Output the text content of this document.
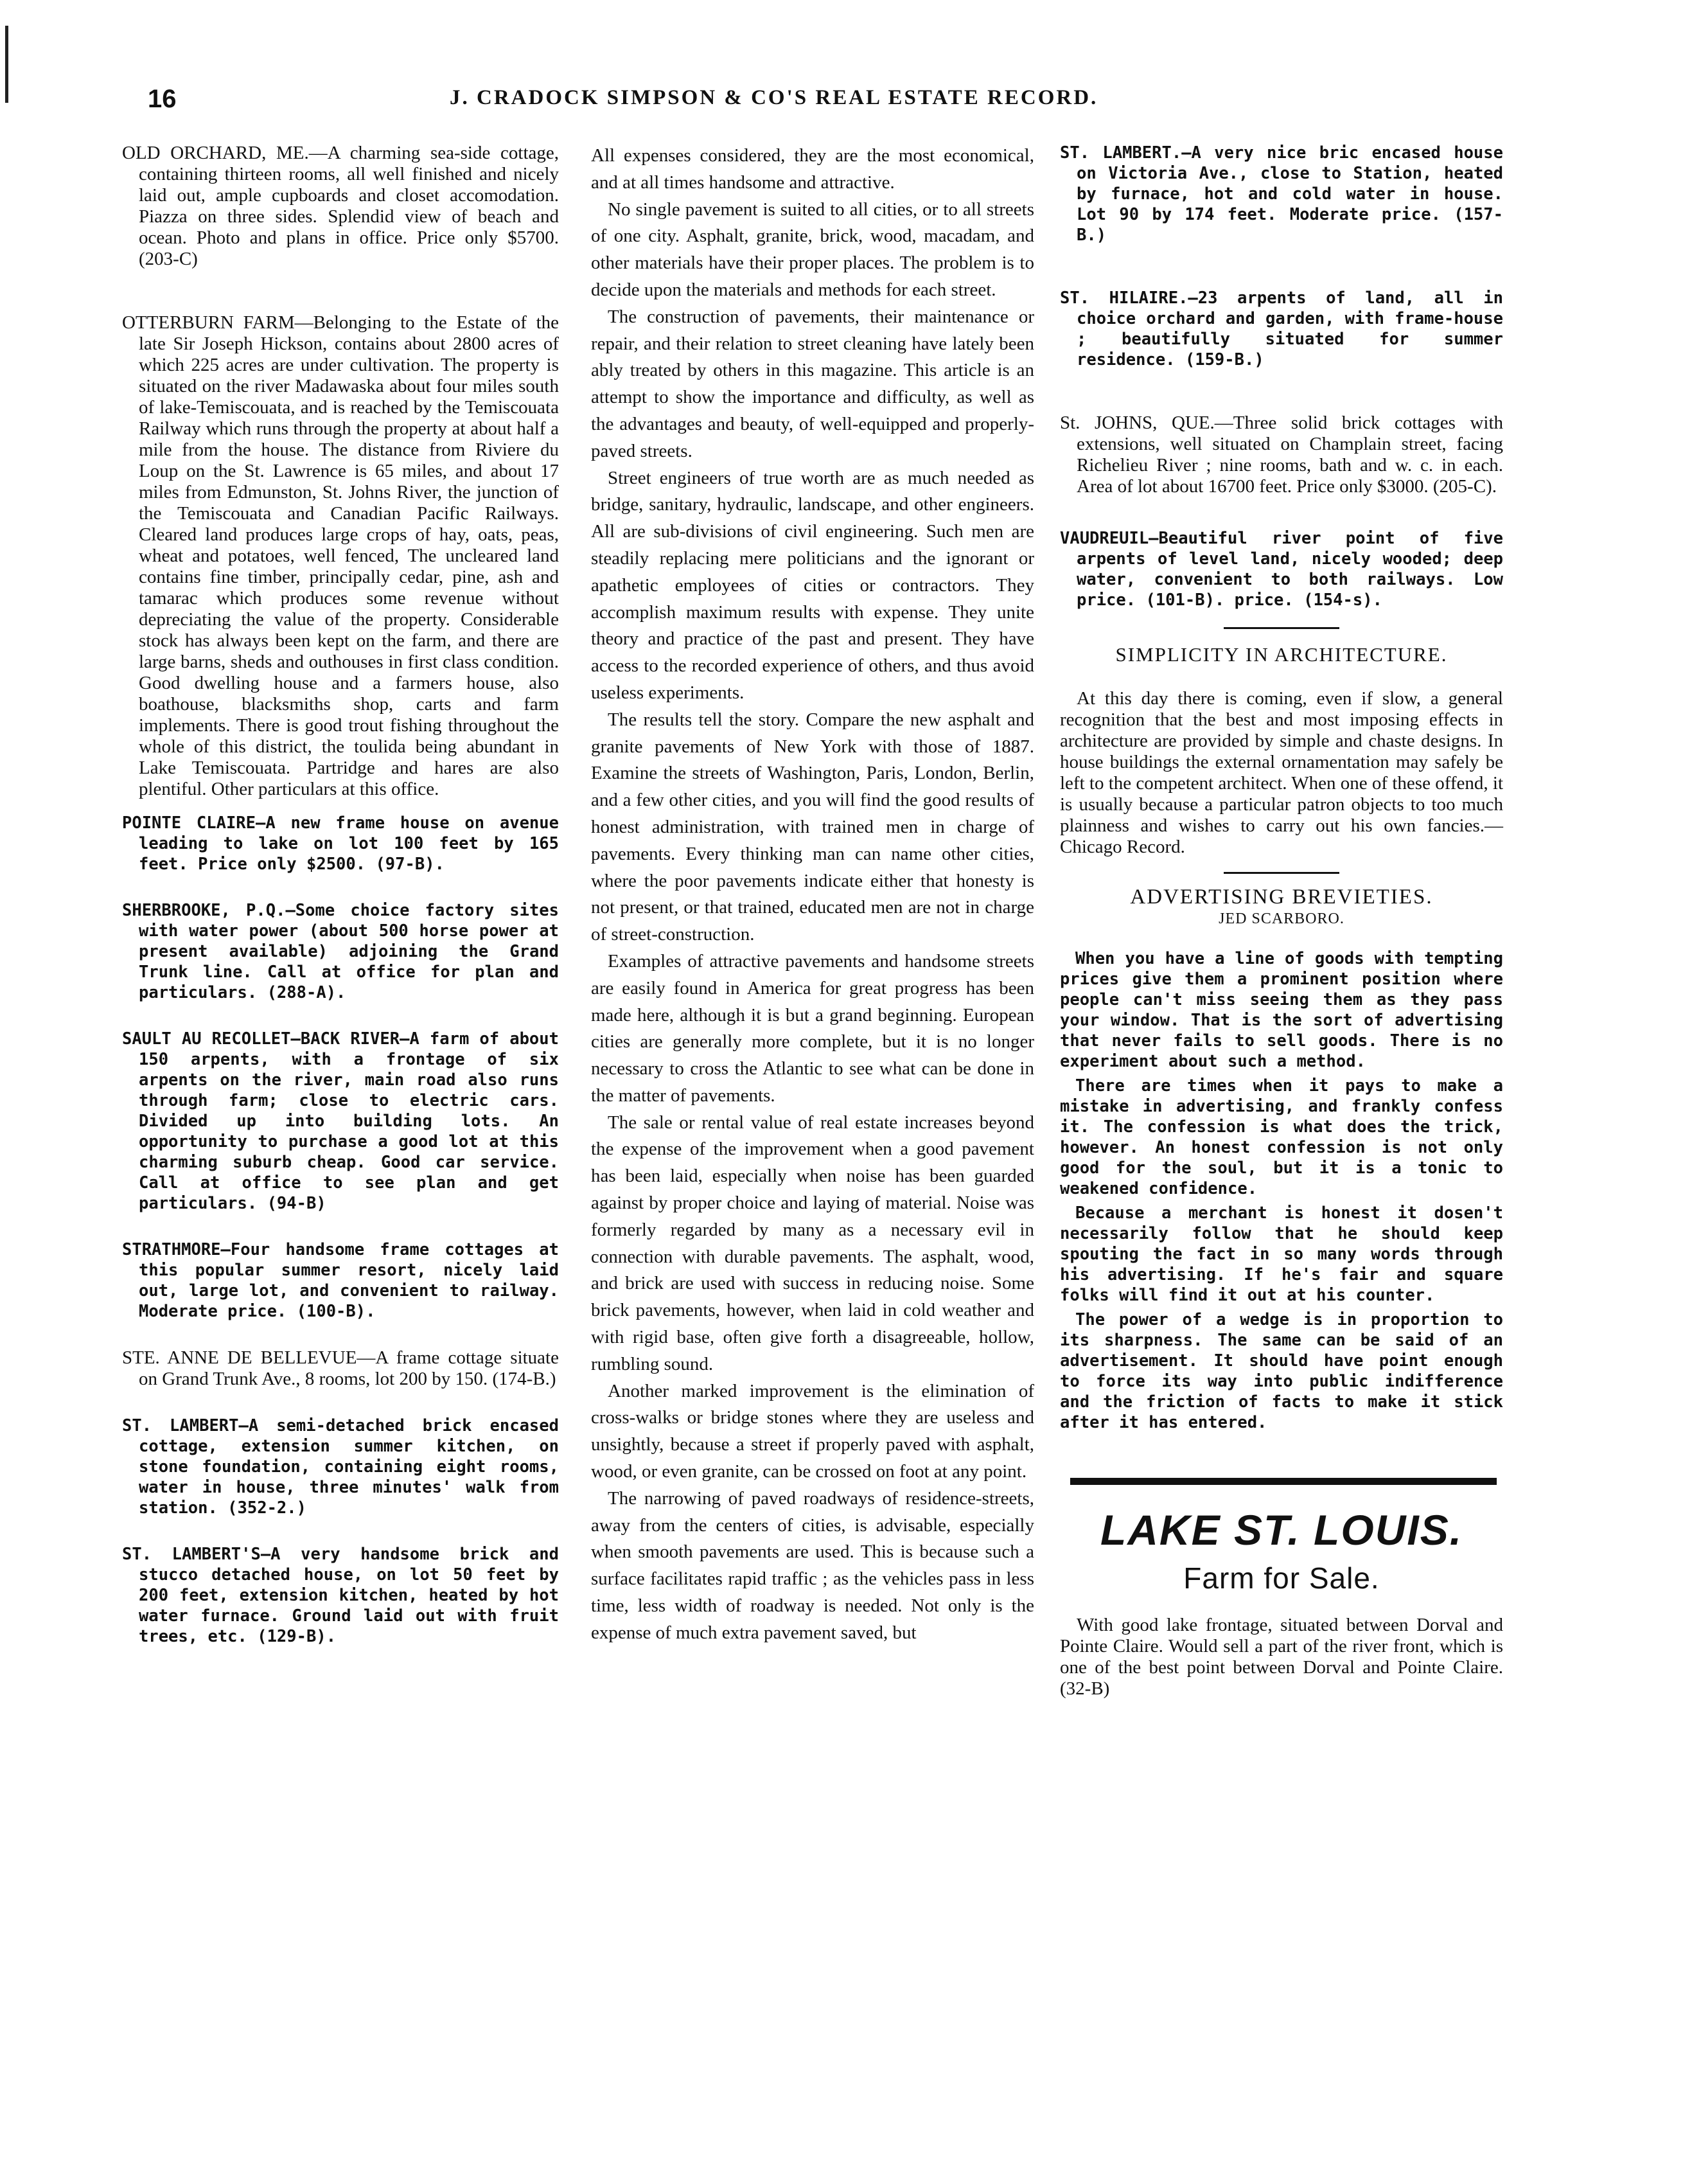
16	J. CRADOCK SIMPSON & CO'S REAL ESTATE RECORD.

OLD ORCHARD, ME.—A charming sea-side cottage, containing thirteen rooms, all well finished and nicely laid out, ample cupboards and closet accomodation. Piazza on three sides. Splendid view of beach and ocean. Photo and plans in office. Price only $5700. (203-C)

OTTERBURN FARM—Belonging to the Estate of the late Sir Joseph Hickson, contains about 2800 acres of which 225 acres are under cultivation. The property is situated on the river Madawaska about four miles south of lake-Temiscouata, and is reached by the Temiscouata Railway which runs through the property at about half a mile from the house. The distance from Riviere du Loup on the St. Lawrence is 65 miles, and about 17 miles from Edmunston, St. Johns River, the junction of the Temiscouata and Canadian Pacific Railways. Cleared land produces large crops of hay, oats, peas, wheat and potatoes, well fenced, The uncleared land contains fine timber, principally cedar, pine, ash and tamarac which produces some revenue without depreciating the value of the property. Considerable stock has always been kept on the farm, and there are large barns, sheds and outhouses in first class condition. Good dwelling house and a farmers house, also boathouse, blacksmiths shop, carts and farm implements. There is good trout fishing throughout the whole of this district, the toulida being abundant in Lake Temiscouata. Partridge and hares are also plentiful. Other particulars at this office.

POINTE CLAIRE—A new frame house on avenue leading to lake on lot 100 feet by 165 feet. Price only $2500. (97-B).

SHERBROOKE, P.Q.—Some choice factory sites with water power (about 500 horse power at present available) adjoining the Grand Trunk line. Call at office for plan and particulars. (288-A).

SAULT AU RECOLLET—BACK RIVER—A farm of about 150 arpents, with a frontage of six arpents on the river, main road also runs through farm; close to electric cars. Divided up into building lots. An opportunity to purchase a good lot at this charming suburb cheap. Good car service. Call at office to see plan and get particulars. (94-B)

STRATHMORE—Four handsome frame cottages at this popular summer resort, nicely laid out, large lot, and convenient to railway. Moderate price. (100-B).

STE. ANNE DE BELLEVUE—A frame cottage situate on Grand Trunk Ave., 8 rooms, lot 200 by 150. (174-B.)

ST. LAMBERT—A semi-detached brick encased cottage, extension summer kitchen, on stone foundation, containing eight rooms, water in house, three minutes' walk from station. (352-2.)

ST. LAMBERT'S—A very handsome brick and stucco detached house, on lot 50 feet by 200 feet, extension kitchen, heated by hot water furnace. Ground laid out with fruit trees, etc. (129-B).

All expenses considered, they are the most economical, and at all times handsome and attractive.

No single pavement is suited to all cities, or to all streets of one city. Asphalt, granite, brick, wood, macadam, and other materials have their proper places. The problem is to decide upon the materials and methods for each street.

The construction of pavements, their maintenance or repair, and their relation to street cleaning have lately been ably treated by others in this magazine. This article is an attempt to show the importance and difficulty, as well as the advantages and beauty, of well-equipped and properly-paved streets.

Street engineers of true worth are as much needed as bridge, sanitary, hydraulic, landscape, and other engineers. All are sub-divisions of civil engineering. Such men are steadily replacing mere politicians and the ignorant or apathetic employees of cities or contractors. They accomplish maximum results with expense. They unite theory and practice of the past and present. They have access to the recorded experience of others, and thus avoid useless experiments.

The results tell the story. Compare the new asphalt and granite pavements of New York with those of 1887. Examine the streets of Washington, Paris, London, Berlin, and a few other cities, and you will find the good results of honest administration, with trained men in charge of pavements. Every thinking man can name other cities, where the poor pavements indicate either that honesty is not present, or that trained, educated men are not in charge of street-construction.

Examples of attractive pavements and handsome streets are easily found in America for great progress has been made here, although it is but a grand beginning. European cities are generally more complete, but it is no longer necessary to cross the Atlantic to see what can be done in the matter of pavements.

The sale or rental value of real estate increases beyond the expense of the improvement when a good pavement has been laid, especially when noise has been guarded against by proper choice and laying of material. Noise was formerly regarded by many as a necessary evil in connection with durable pavements. The asphalt, wood, and brick are used with success in reducing noise. Some brick pavements, however, when laid in cold weather and with rigid base, often give forth a disagreeable, hollow, rumbling sound.

Another marked improvement is the elimination of cross-walks or bridge stones where they are useless and unsightly, because a street if properly paved with asphalt, wood, or even granite, can be crossed on foot at any point.

The narrowing of paved roadways of residence-streets, away from the centers of cities, is advisable, especially when smooth pavements are used. This is because such a surface facilitates rapid traffic ; as the vehicles pass in less time, less width of roadway is needed. Not only is the expense of much extra pavement saved, but

ST. LAMBERT.—A very nice bric encased house on Victoria Ave., close to Station, heated by furnace, hot and cold water in house. Lot 90 by 174 feet. Moderate price. (157-B.)

ST. HILAIRE.—23 arpents of land, all in choice orchard and garden, with frame-house ; beautifully situated for summer residence. (159-B.)

St. JOHNS, QUE.—Three solid brick cottages with extensions, well situated on Champlain street, facing Richelieu River ; nine rooms, bath and w. c. in each. Area of lot about 16700 feet. Price only $3000. (205-C).

VAUDREUIL—Beautiful river point of five arpents of level land, nicely wooded; deep water, convenient to both railways. Low price. (101-B). price. (154-s).

SIMPLICITY IN ARCHITECTURE.

At this day there is coming, even if slow, a general recognition that the best and most imposing effects in architecture are provided by simple and chaste designs. In house buildings the external ornamentation may safely be left to the competent architect. When one of these offend, it is usually because a particular patron objects to too much plainness and wishes to carry out his own fancies.—Chicago Record.

ADVERTISING BREVIETIES.

JED SCARBORO.

When you have a line of goods with tempting prices give them a prominent position where people can't miss seeing them as they pass your window. That is the sort of advertising that never fails to sell goods. There is no experiment about such a method.

There are times when it pays to make a mistake in advertising, and frankly confess it. The confession is what does the trick, however. An honest confession is not only good for the soul, but it is a tonic to weakened confidence.

Because a merchant is honest it dosen't necessarily follow that he should keep spouting the fact in so many words through his advertising. If he's fair and square folks will find it out at his counter.

The power of a wedge is in proportion to its sharpness. The same can be said of an advertisement. It should have point enough to force its way into public indifference and the friction of facts to make it stick after it has entered.

LAKE ST. LOUIS.

Farm for Sale.

With good lake frontage, situated between Dorval and Pointe Claire. Would sell a part of the river front, which is one of the best point between Dorval and Pointe Claire. (32-B)
